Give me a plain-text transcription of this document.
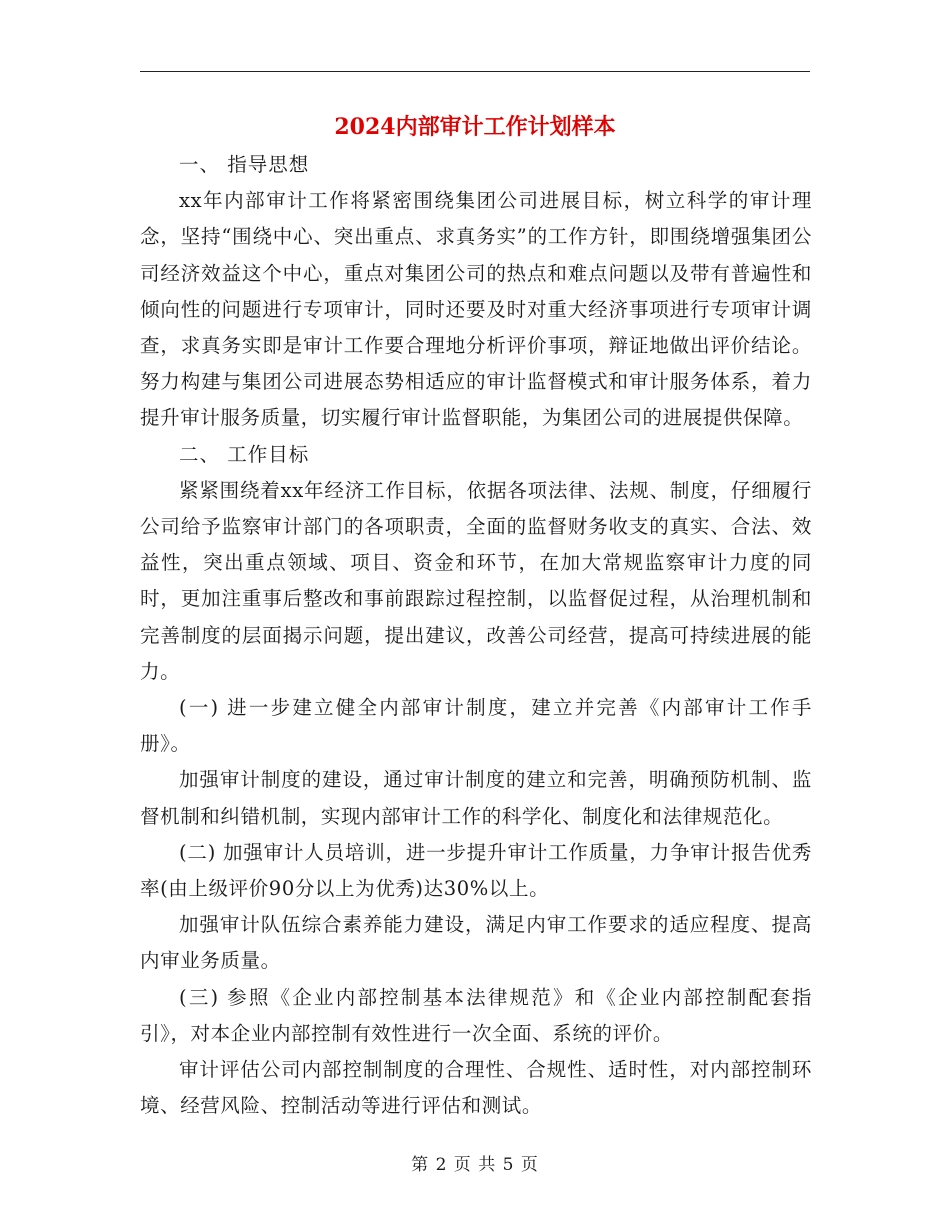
2024内部审计工作计划样本

一、 指导思想

xx年内部审计工作将紧密围绕集团公司进展目标，树立科学的审计理念，坚持“围绕中心、突出重点、求真务实”的工作方针，即围绕增强集团公司经济效益这个中心，重点对集团公司的热点和难点问题以及带有普遍性和倾向性的问题进行专项审计，同时还要及时对重大经济事项进行专项审计调查，求真务实即是审计工作要合理地分析评价事项，辩证地做出评价结论。努力构建与集团公司进展态势相适应的审计监督模式和审计服务体系，着力提升审计服务质量，切实履行审计监督职能，为集团公司的进展提供保障。

二、 工作目标

紧紧围绕着xx年经济工作目标，依据各项法律、法规、制度，仔细履行公司给予监察审计部门的各项职责，全面的监督财务收支的真实、合法、效益性，突出重点领域、项目、资金和环节，在加大常规监察审计力度的同时，更加注重事后整改和事前跟踪过程控制，以监督促过程，从治理机制和完善制度的层面揭示问题，提出建议，改善公司经营，提高可持续进展的能力。

(一) 进一步建立健全内部审计制度，建立并完善《内部审计工作手册》。

加强审计制度的建设，通过审计制度的建立和完善，明确预防机制、监督机制和纠错机制，实现内部审计工作的科学化、制度化和法律规范化。

(二) 加强审计人员培训，进一步提升审计工作质量，力争审计报告优秀率(由上级评价90分以上为优秀)达30%以上。

加强审计队伍综合素养能力建设，满足内审工作要求的适应程度、提高内审业务质量。

(三) 参照《企业内部控制基本法律规范》和《企业内部控制配套指引》，对本企业内部控制有效性进行一次全面、系统的评价。

审计评估公司内部控制制度的合理性、合规性、适时性，对内部控制环境、经营风险、控制活动等进行评估和测试。

第 2 页 共 5 页
